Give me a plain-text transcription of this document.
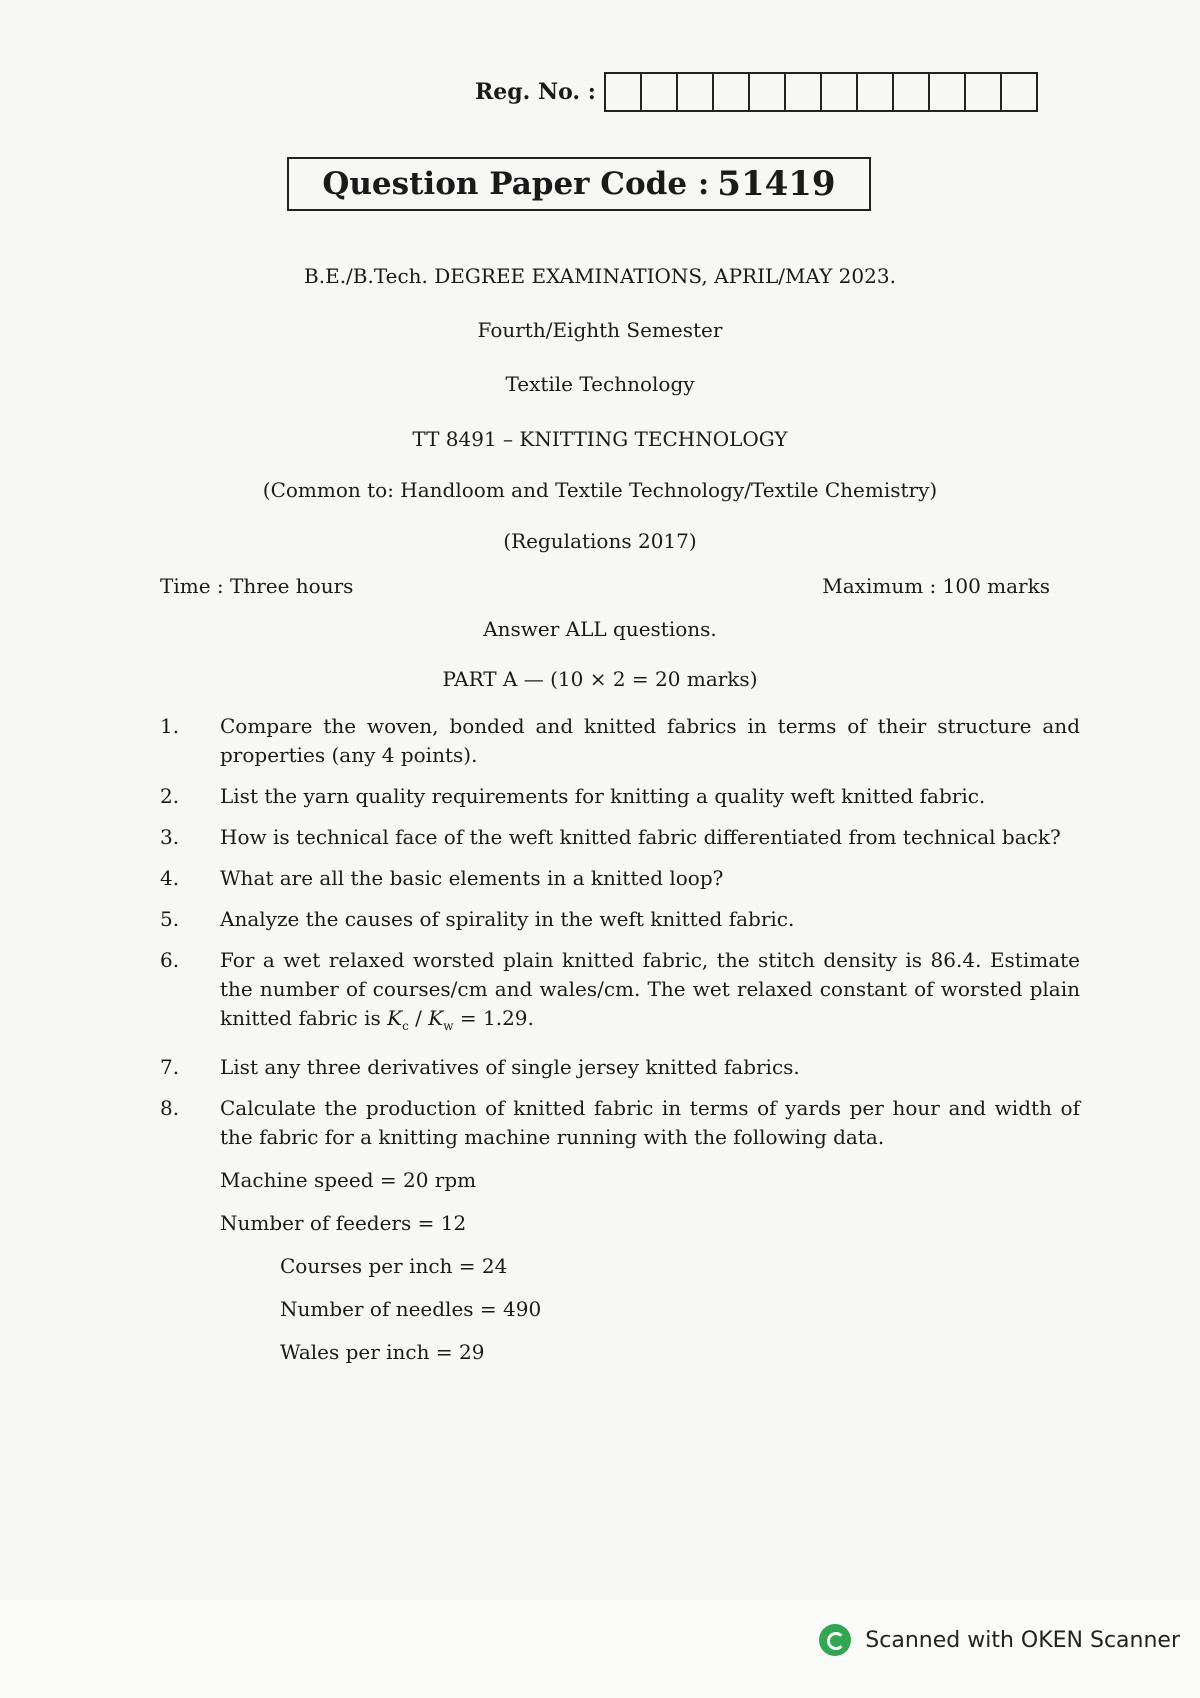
Reg. No. :
Question Paper Code : 51419
B.E./B.Tech. DEGREE EXAMINATIONS, APRIL/MAY 2023.
Fourth/Eighth Semester
Textile Technology
TT 8491 – KNITTING TECHNOLOGY
(Common to: Handloom and Textile Technology/Textile Chemistry)
(Regulations 2017)
Time : Three hours	Maximum : 100 marks
Answer ALL questions.
PART A — (10 × 2 = 20 marks)
1.	Compare the woven, bonded and knitted fabrics in terms of their structure and properties (any 4 points).
2.	List the yarn quality requirements for knitting a quality weft knitted fabric.
3.	How is technical face of the weft knitted fabric differentiated from technical back?
4.	What are all the basic elements in a knitted loop?
5.	Analyze the causes of spirality in the weft knitted fabric.
6.	For a wet relaxed worsted plain knitted fabric, the stitch density is 86.4. Estimate the number of courses/cm and wales/cm. The wet relaxed constant of worsted plain knitted fabric is $K_c / K_w = 1.29$.
7.	List any three derivatives of single jersey knitted fabrics.
8.	Calculate the production of knitted fabric in terms of yards per hour and width of the fabric for a knitting machine running with the following data.
Machine speed = 20 rpm
Number of feeders = 12
Courses per inch = 24
Number of needles = 490
Wales per inch = 29
Scanned with OKEN Scanner
